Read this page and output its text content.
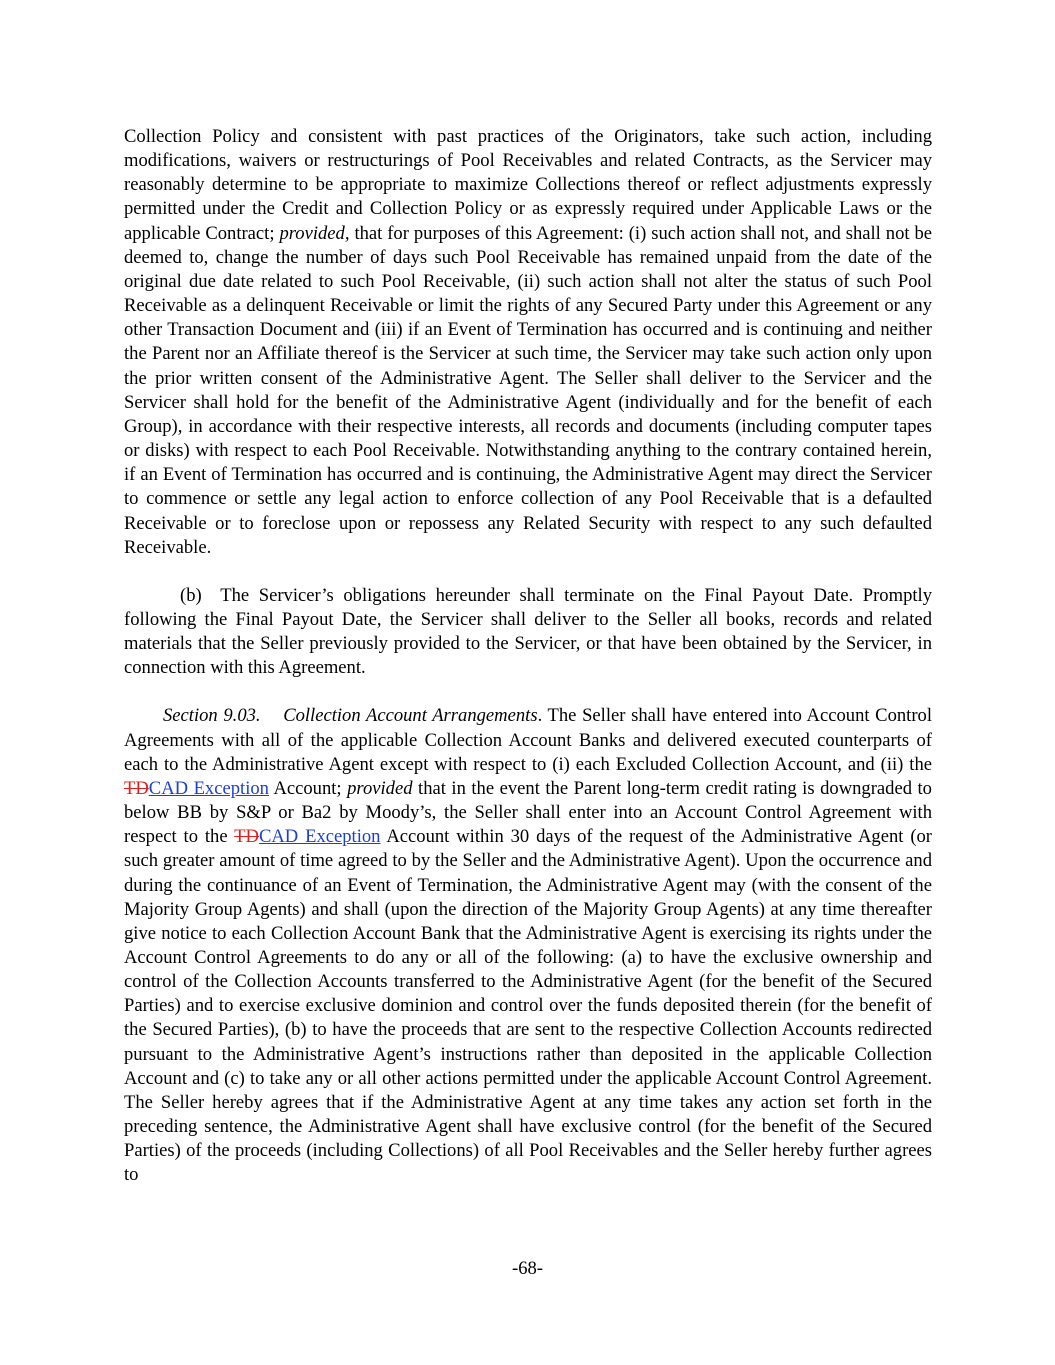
Collection Policy and consistent with past practices of the Originators, take such action, including modifications, waivers or restructurings of Pool Receivables and related Contracts, as the Servicer may reasonably determine to be appropriate to maximize Collections thereof or reflect adjustments expressly permitted under the Credit and Collection Policy or as expressly required under Applicable Laws or the applicable Contract; provided, that for purposes of this Agreement: (i) such action shall not, and shall not be deemed to, change the number of days such Pool Receivable has remained unpaid from the date of the original due date related to such Pool Receivable, (ii) such action shall not alter the status of such Pool Receivable as a delinquent Receivable or limit the rights of any Secured Party under this Agreement or any other Transaction Document and (iii) if an Event of Termination has occurred and is continuing and neither the Parent nor an Affiliate thereof is the Servicer at such time, the Servicer may take such action only upon the prior written consent of the Administrative Agent. The Seller shall deliver to the Servicer and the Servicer shall hold for the benefit of the Administrative Agent (individually and for the benefit of each Group), in accordance with their respective interests, all records and documents (including computer tapes or disks) with respect to each Pool Receivable. Notwithstanding anything to the contrary contained herein, if an Event of Termination has occurred and is continuing, the Administrative Agent may direct the Servicer to commence or settle any legal action to enforce collection of any Pool Receivable that is a defaulted Receivable or to foreclose upon or repossess any Related Security with respect to any such defaulted Receivable.

(b) The Servicer’s obligations hereunder shall terminate on the Final Payout Date. Promptly following the Final Payout Date, the Servicer shall deliver to the Seller all books, records and related materials that the Seller previously provided to the Servicer, or that have been obtained by the Servicer, in connection with this Agreement.

Section 9.03. Collection Account Arrangements. The Seller shall have entered into Account Control Agreements with all of the applicable Collection Account Banks and delivered executed counterparts of each to the Administrative Agent except with respect to (i) each Excluded Collection Account, and (ii) the TDCAD Exception Account; provided that in the event the Parent long-term credit rating is downgraded to below BB by S&P or Ba2 by Moody’s, the Seller shall enter into an Account Control Agreement with respect to the TDCAD Exception Account within 30 days of the request of the Administrative Agent (or such greater amount of time agreed to by the Seller and the Administrative Agent). Upon the occurrence and during the continuance of an Event of Termination, the Administrative Agent may (with the consent of the Majority Group Agents) and shall (upon the direction of the Majority Group Agents) at any time thereafter give notice to each Collection Account Bank that the Administrative Agent is exercising its rights under the Account Control Agreements to do any or all of the following: (a) to have the exclusive ownership and control of the Collection Accounts transferred to the Administrative Agent (for the benefit of the Secured Parties) and to exercise exclusive dominion and control over the funds deposited therein (for the benefit of the Secured Parties), (b) to have the proceeds that are sent to the respective Collection Accounts redirected pursuant to the Administrative Agent’s instructions rather than deposited in the applicable Collection Account and (c) to take any or all other actions permitted under the applicable Account Control Agreement. The Seller hereby agrees that if the Administrative Agent at any time takes any action set forth in the preceding sentence, the Administrative Agent shall have exclusive control (for the benefit of the Secured Parties) of the proceeds (including Collections) of all Pool Receivables and the Seller hereby further agrees to

-68-
